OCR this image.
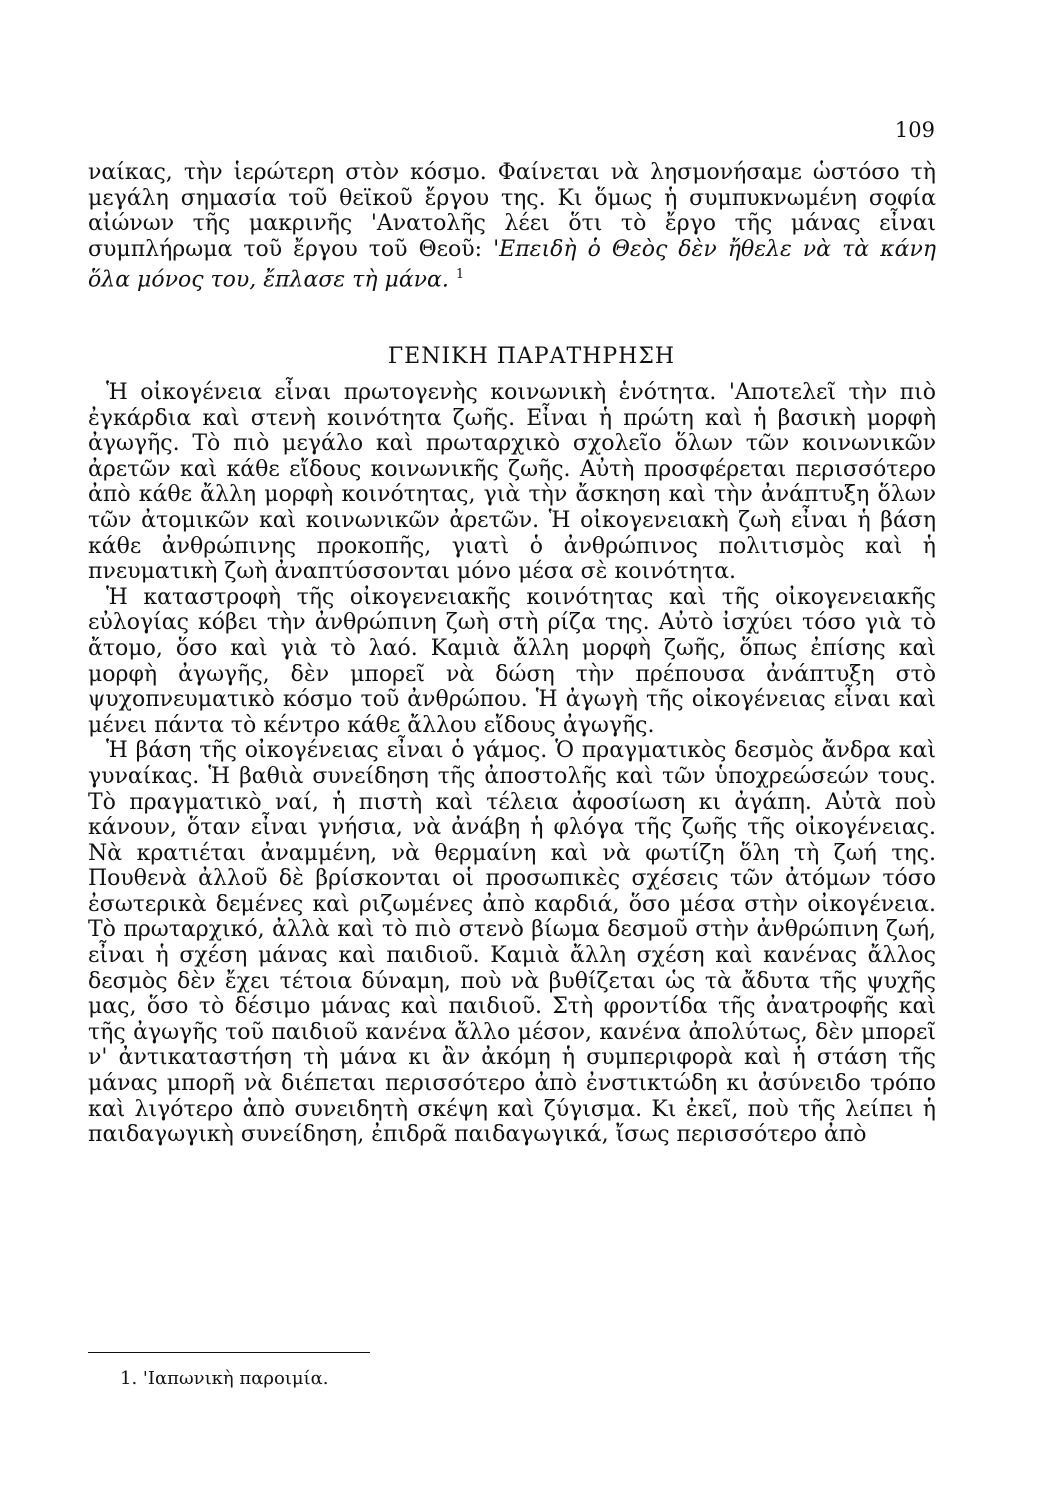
109

ναίκας, τὴν ἱερώτερη στὸν κόσμο. Φαίνεται νὰ λησμονήσαμε ὡστόσο τὴ μεγάλη σημασία τοῦ θεϊκοῦ ἔργου της. Κι ὅμως ἡ συμπυκνωμένη σοφία αἰώνων τῆς μακρινῆς 'Ανατολῆς λέει ὅτι τὸ ἔργο τῆς μάνας εἶναι συμπλήρωμα τοῦ ἔργου τοῦ Θεοῦ: 'Επειδὴ ὁ Θεὸς δὲν ἤθελε νὰ τὰ κάνη ὅλα μόνος του, ἔπλασε τὴ μάνα. $^1$

ΓΕΝΙΚΗ ΠΑΡΑΤΗΡΗΣΗ

Ἡ οἰκογένεια εἶναι πρωτογενὴς κοινωνικὴ ἑνότητα. 'Αποτελεῖ τὴν πιὸ ἐγκάρδια καὶ στενὴ κοινότητα ζωῆς. Εἶναι ἡ πρώτη καὶ ἡ βασικὴ μορφὴ ἀγωγῆς. Τὸ πιὸ μεγάλο καὶ πρωταρχικὸ σχολεῖο ὅλων τῶν κοινωνικῶν ἀρετῶν καὶ κάθε εἴδους κοινωνικῆς ζωῆς. Αὐτὴ προσφέρεται περισσότερο ἀπὸ κάθε ἄλλη μορφὴ κοινότητας, γιὰ τὴν ἄσκηση καὶ τὴν ἀνάπτυξη ὅλων τῶν ἀτομικῶν καὶ κοινωνικῶν ἀρετῶν. Ἡ οἰκογενειακὴ ζωὴ εἶναι ἡ βάση κάθε ἀνθρώπινης προκοπῆς, γιατὶ ὁ ἀνθρώπινος πολιτισμὸς καὶ ἡ πνευματικὴ ζωὴ ἀναπτύσσονται μόνο μέσα σὲ κοινότητα.

Ἡ καταστροφὴ τῆς οἰκογενειακῆς κοινότητας καὶ τῆς οἰκογενειακῆς εὐλογίας κόβει τὴν ἀνθρώπινη ζωὴ στὴ ρίζα της. Αὐτὸ ἰσχύει τόσο γιὰ τὸ ἄτομο, ὅσο καὶ γιὰ τὸ λαό. Καμιὰ ἄλλη μορφὴ ζωῆς, ὅπως ἐπίσης καὶ μορφὴ ἀγωγῆς, δὲν μπορεῖ νὰ δώση τὴν πρέπουσα ἀνάπτυξη στὸ ψυχοπνευματικὸ κόσμο τοῦ ἀνθρώπου. Ἡ ἀγωγὴ τῆς οἰκογένειας εἶναι καὶ μένει πάντα τὸ κέντρο κάθε ἄλλου εἴδους ἀγωγῆς.

Ἡ βάση τῆς οἰκογένειας εἶναι ὁ γάμος. Ὁ πραγματικὸς δεσμὸς ἄνδρα καὶ γυναίκας. Ἡ βαθιὰ συνείδηση τῆς ἀποστολῆς καὶ τῶν ὑποχρεώσεών τους. Τὸ πραγματικὸ ναί, ἡ πιστὴ καὶ τέλεια ἀφοσίωση κι ἀγάπη. Αὐτὰ ποὺ κάνουν, ὅταν εἶναι γνήσια, νὰ ἀνάβη ἡ φλόγα τῆς ζωῆς τῆς οἰκογένειας. Νὰ κρατιέται ἀναμμένη, νὰ θερμαίνη καὶ νὰ φωτίζη ὅλη τὴ ζωή της. Πουθενὰ ἀλλοῦ δὲ βρίσκονται οἱ προσωπικὲς σχέσεις τῶν ἀτόμων τόσο ἐσωτερικὰ δεμένες καὶ ριζωμένες ἀπὸ καρδιά, ὅσο μέσα στὴν οἰκογένεια. Τὸ πρωταρχικό, ἀλλὰ καὶ τὸ πιὸ στενὸ βίωμα δεσμοῦ στὴν ἀνθρώπινη ζωή, εἶναι ἡ σχέση μάνας καὶ παιδιοῦ. Καμιὰ ἄλλη σχέση καὶ κανένας ἄλλος δεσμὸς δὲν ἔχει τέτοια δύναμη, ποὺ νὰ βυθίζεται ὡς τὰ ἄδυτα τῆς ψυχῆς μας, ὅσο τὸ δέσιμο μάνας καὶ παιδιοῦ. Στὴ φροντίδα τῆς ἀνατροφῆς καὶ τῆς ἀγωγῆς τοῦ παιδιοῦ κανένα ἄλλο μέσον, κανένα ἀπολύτως, δὲν μπορεῖ ν' ἀντικαταστήση τὴ μάνα κι ἂν ἀκόμη ἡ συμπεριφορὰ καὶ ἡ στάση τῆς μάνας μπορῆ νὰ διέπεται περισσότερο ἀπὸ ἐνστικτώδη κι ἀσύνειδο τρόπο καὶ λιγότερο ἀπὸ συνειδητὴ σκέψη καὶ ζύγισμα. Κι ἐκεῖ, ποὺ τῆς λείπει ἡ παιδαγωγικὴ συνείδηση, ἐπιδρᾶ παιδαγωγικά, ἴσως περισσότερο ἀπὸ

1. 'Ιαπωνικὴ παροιμία.
